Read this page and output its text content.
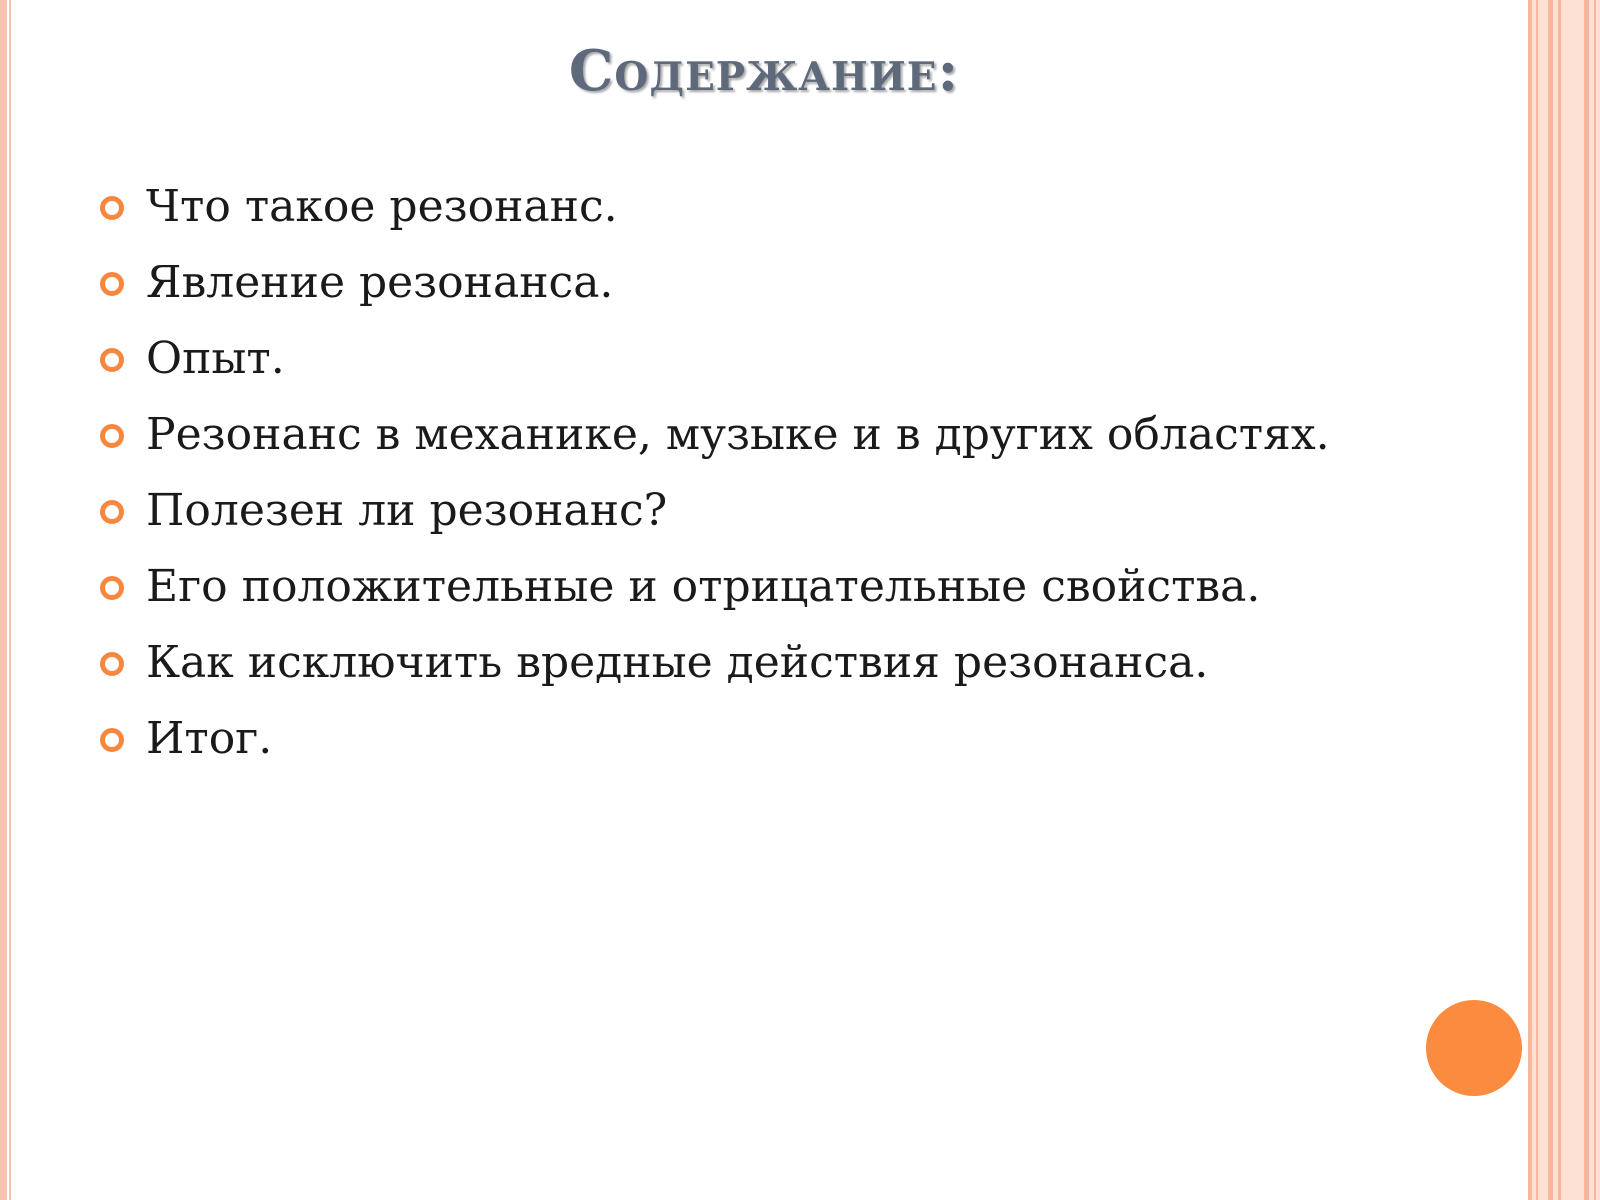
Содержание:
Что такое резонанс.
Явление резонанса.
Опыт.
Резонанс в механике, музыке и в других областях.
Полезен ли резонанс?
Его положительные и отрицательные свойства.
Как исключить вредные действия резонанса.
Итог.
